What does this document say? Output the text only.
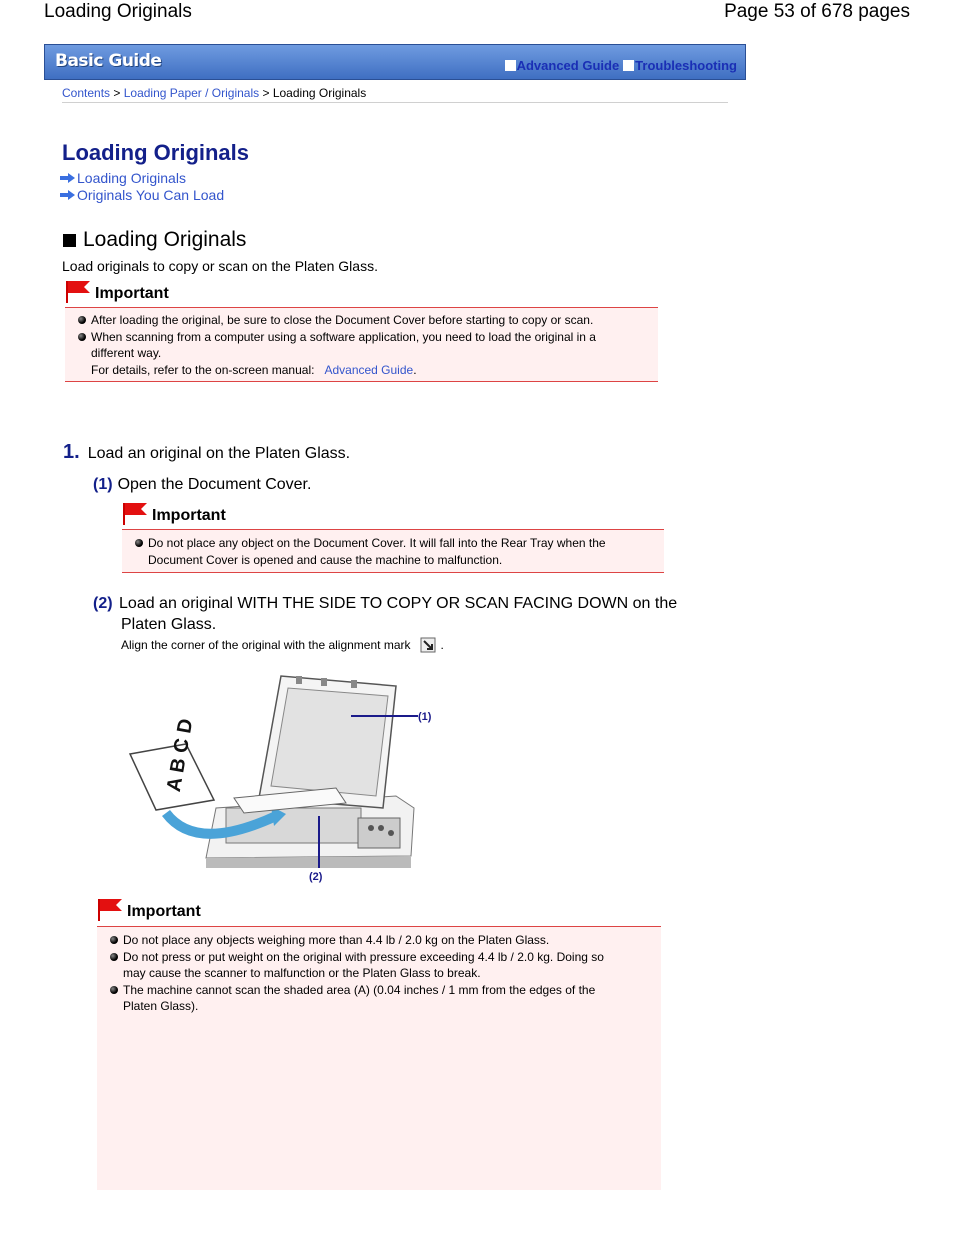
Loading Originals	Page 53 of 678 pages
Basic Guide	Advanced Guide Troubleshooting
Contents > Loading Paper / Originals > Loading Originals
Loading Originals
Loading Originals
Originals You Can Load
Loading Originals
Load originals to copy or scan on the Platen Glass.
Important
After loading the original, be sure to close the Document Cover before starting to copy or scan.
When scanning from a computer using a software application, you need to load the original in a
different way.
For details, refer to the on-screen manual: Advanced Guide.
1. Load an original on the Platen Glass.
(1) Open the Document Cover.
Important
Do not place any object on the Document Cover. It will fall into the Rear Tray when the
Document Cover is opened and cause the machine to malfunction.
(2) Load an original WITH THE SIDE TO COPY OR SCAN FACING DOWN on the
Platen Glass.
Align the corner of the original with the alignment mark	.
(1)
A B C D
(2)
Important
Do not place any objects weighing more than 4.4 lb / 2.0 kg on the Platen Glass.
Do not press or put weight on the original with pressure exceeding 4.4 lb / 2.0 kg. Doing so
may cause the scanner to malfunction or the Platen Glass to break.
The machine cannot scan the shaded area (A) (0.04 inches / 1 mm from the edges of the
Platen Glass).
